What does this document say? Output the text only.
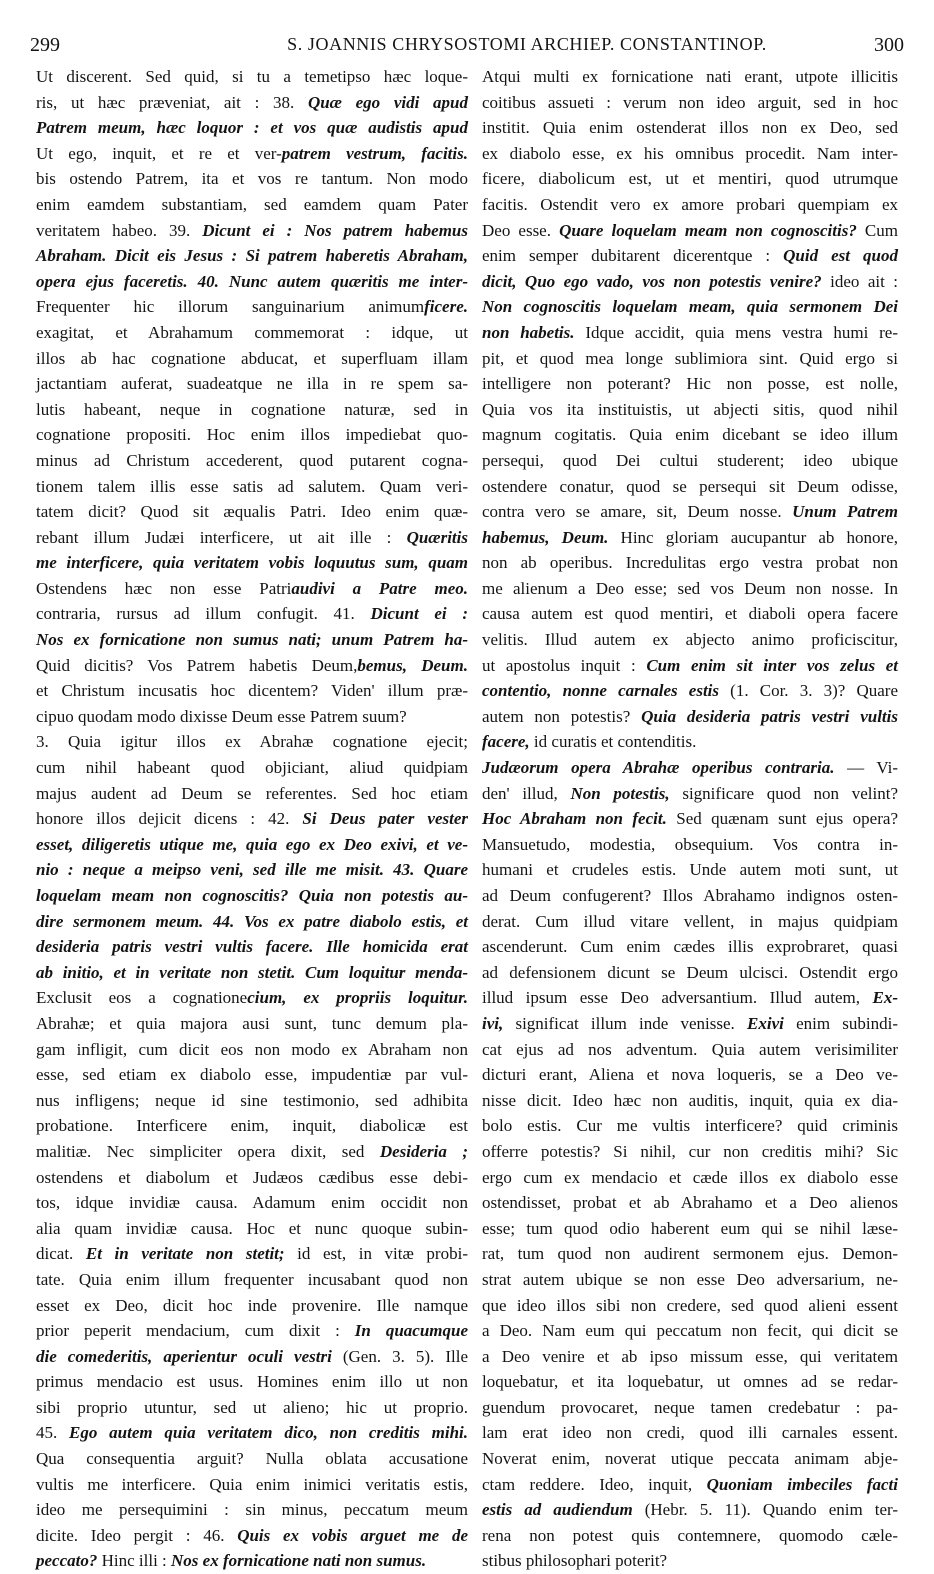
299	S. JOANNIS CHRYSOSTOMI ARCHIEP. CONSTANTINOP.	300
Ut discerent. Sed quid, si tu a temetipso hæc loque-
ris, ut hæc præveniat, ait : 38. Quæ ego vidi apud
Patrem meum, hæc loquor : et vos quæ audistis apud
Ut ego, inquit, et re et ver-patrem vestrum, facitis.
bis ostendo Patrem, ita et vos re tantum. Non modo
enim eamdem substantiam, sed eamdem quam Pater
veritatem habeo. 39. Dicunt ei : Nos patrem habemus
Abraham. Dicit eis Jesus : Si patrem haberetis Abraham,
opera ejus faceretis. 40. Nunc autem quæritis me inter-
Frequenter hic illorum sanguinarium animumficere.
exagitat, et Abrahamum commemorat : idque, ut
illos ab hac cognatione abducat, et superfluam illam
jactantiam auferat, suadeatque ne illa in re spem sa-
lutis habeant, neque in cognatione naturæ, sed in
cognatione propositi. Hoc enim illos impediebat quo-
minus ad Christum accederent, quod putarent cogna-
tionem talem illis esse satis ad salutem. Quam veri-
tatem dicit? Quod sit æqualis Patri. Ideo enim quæ-
rebant illum Judæi interficere, ut ait ille : Quæritis
me interficere, quia veritatem vobis loquutus sum, quam
Ostendens hæc non esse Patriaudivi a Patre meo.
contraria, rursus ad illum confugit. 41. Dicunt ei :
Nos ex fornicatione non sumus nati; unum Patrem ha-
Quid dicitis? Vos Patrem habetis Deum,bemus, Deum.
et Christum incusatis hoc dicentem? Viden' illum præ-
cipuo quodam modo dixisse Deum esse Patrem suum?
3. Quia igitur illos ex Abrahæ cognatione ejecit;
cum nihil habeant quod objiciant, aliud quidpiam
majus audent ad Deum se referentes. Sed hoc etiam
honore illos dejicit dicens : 42. Si Deus pater vester
esset, diligeretis utique me, quia ego ex Deo exivi, et ve-
nio : neque a meipso veni, sed ille me misit. 43. Quare
loquelam meam non cognoscitis? Quia non potestis au-
dire sermonem meum. 44. Vos ex patre diabolo estis, et
desideria patris vestri vultis facere. Ille homicida erat
ab initio, et in veritate non stetit. Cum loquitur menda-
Exclusit eos a cognationecium, ex propriis loquitur.
Abrahæ; et quia majora ausi sunt, tunc demum pla-
gam infligit, cum dicit eos non modo ex Abraham non
esse, sed etiam ex diabolo esse, impudentiæ par vul-
nus infligens; neque id sine testimonio, sed adhibita
probatione. Interficere enim, inquit, diabolicæ est
malitiæ. Nec simpliciter opera dixit, sed Desideria ;
ostendens et diabolum et Judæos cædibus esse debi-
tos, idque invidiæ causa. Adamum enim occidit non
alia quam invidiæ causa. Hoc et nunc quoque subin-
dicat. Et in veritate non stetit; id est, in vitæ probi-
tate. Quia enim illum frequenter incusabant quod non
esset ex Deo, dicit hoc inde provenire. Ille namque
prior peperit mendacium, cum dixit : In quacumque
die comederitis, aperientur oculi vestri (Gen. 3. 5). Ille
primus mendacio est usus. Homines enim illo ut non
sibi proprio utuntur, sed ut alieno; hic ut proprio.
45. Ego autem quia veritatem dico, non creditis mihi.
Qua consequentia arguit? Nulla oblata accusatione
vultis me interficere. Quia enim inimici veritatis estis,
ideo me persequimini : sin minus, peccatum meum
dicite. Ideo pergit : 46. Quis ex vobis arguet me de
peccato? Hinc illi : Nos ex fornicatione nati non sumus.
Atqui multi ex fornicatione nati erant, utpote illicitis
coitibus assueti : verum non ideo arguit, sed in hoc
institit. Quia enim ostenderat illos non ex Deo, sed
ex diabolo esse, ex his omnibus procedit. Nam inter-
ficere, diabolicum est, ut et mentiri, quod utrumque
facitis. Ostendit vero ex amore probari quempiam ex
Deo esse. Quare loquelam meam non cognoscitis? Cum
enim semper dubitarent dicerentque : Quid est quod
dicit, Quo ego vado, vos non potestis venire? ideo ait :
Non cognoscitis loquelam meam, quia sermonem Dei
non habetis. Idque accidit, quia mens vestra humi re-
pit, et quod mea longe sublimiora sint. Quid ergo si
intelligere non poterant? Hic non posse, est nolle,
Quia vos ita instituistis, ut abjecti sitis, quod nihil
magnum cogitatis. Quia enim dicebant se ideo illum
persequi, quod Dei cultui studerent; ideo ubique
ostendere conatur, quod se persequi sit Deum odisse,
contra vero se amare, sit, Deum nosse. Unum Patrem
habemus, Deum. Hinc gloriam aucupantur ab honore,
non ab operibus. Incredulitas ergo vestra probat non
me alienum a Deo esse; sed vos Deum non nosse. In
causa autem est quod mentiri, et diaboli opera facere
velitis. Illud autem ex abjecto animo proficiscitur,
ut apostolus inquit : Cum enim sit inter vos zelus et
contentio, nonne carnales estis (1. Cor. 3. 3)? Quare
autem non potestis? Quia desideria patris vestri vultis
facere, id curatis et contenditis.
Judæorum opera Abrahæ operibus contraria. — Vi-
den' illud, Non potestis, significare quod non velint?
Hoc Abraham non fecit. Sed quænam sunt ejus opera?
Mansuetudo, modestia, obsequium. Vos contra in-
humani et crudeles estis. Unde autem moti sunt, ut
ad Deum confugerent? Illos Abrahamo indignos osten-
derat. Cum illud vitare vellent, in majus quidpiam
ascenderunt. Cum enim cædes illis exprobraret, quasi
ad defensionem dicunt se Deum ulcisci. Ostendit ergo
illud ipsum esse Deo adversantium. Illud autem, Ex-
ivi, significat illum inde venisse. Exivi enim subindi-
cat ejus ad nos adventum. Quia autem verisimiliter
dicturi erant, Aliena et nova loqueris, se a Deo ve-
nisse dicit. Ideo hæc non auditis, inquit, quia ex dia-
bolo estis. Cur me vultis interficere? quid criminis
offerre potestis? Si nihil, cur non creditis mihi? Sic
ergo cum ex mendacio et cæde illos ex diabolo esse
ostendisset, probat et ab Abrahamo et a Deo alienos
esse; tum quod odio haberent eum qui se nihil læse-
rat, tum quod non audirent sermonem ejus. Demon-
strat autem ubique se non esse Deo adversarium, ne-
que ideo illos sibi non credere, sed quod alieni essent
a Deo. Nam eum qui peccatum non fecit, qui dicit se
a Deo venire et ab ipso missum esse, qui veritatem
loquebatur, et ita loquebatur, ut omnes ad se redar-
guendum provocaret, neque tamen credebatur : pa-
lam erat ideo non credi, quod illi carnales essent.
Noverat enim, noverat utique peccata animam abje-
ctam reddere. Ideo, inquit, Quoniam imbeciles facti
estis ad audiendum (Hebr. 5. 11). Quando enim ter-
rena non potest quis contemnere, quomodo cæle-
stibus philosophari poterit?
